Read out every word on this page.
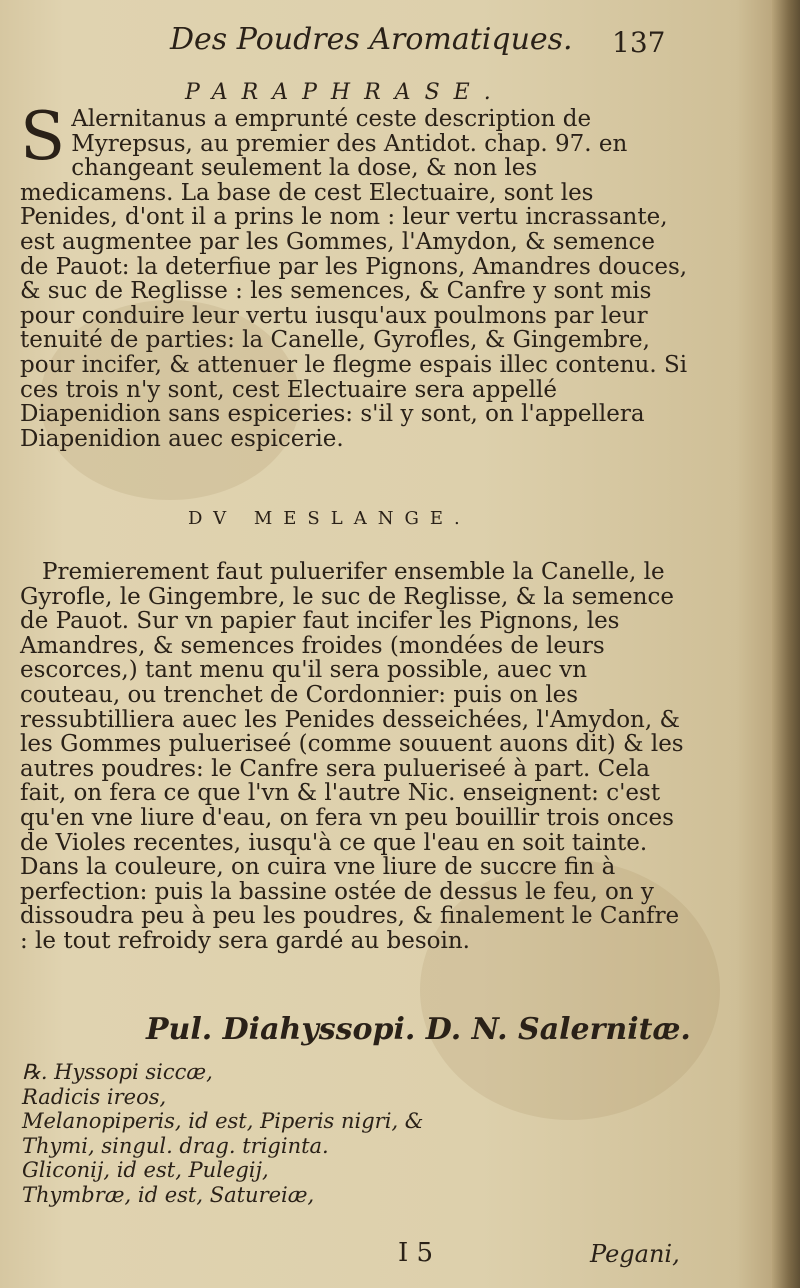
Des Poudres Aromatiques. 137
PARAPHRASE.
S Alernitanus a emprunté ceste description de Myrepsus, au premier des Antidot. chap. 97. en changeant seulement la dose, & non les medicamens. La base de cest Electuaire, sont les Penides, d'ont il a prins le nom : leur vertu incrassante, est augmentee par les Gommes, l'Amydon, & semence de Pauot: la deterfiue par les Pignons, Amandres douces, & suc de Reglisse : les semences, & Canfre y sont mis pour conduire leur vertu iusqu'aux poulmons par leur tenuité de parties: la Canelle, Gyrofles, & Gingembre, pour incifer, & attenuer le flegme espais illec contenu. Si ces trois n'y sont, cest Electuaire sera appellé Diapenidion sans espiceries: s'il y sont, on l'appellera Diapenidion auec espicerie.
DV MESLANGE.
Premierement faut puluerifer ensemble la Canelle, le Gyrofle, le Gingembre, le suc de Reglisse, & la semence de Pauot. Sur vn papier faut incifer les Pignons, les Amandres, & semences froides (mondées de leurs escorces,) tant menu qu'il sera possible, auec vn couteau, ou trenchet de Cordonnier: puis on les ressubtilliera auec les Penides desseichées, l'Amydon, & les Gommes pulueriseé (comme souuent auons dit) & les autres poudres: le Canfre sera pulueriseé à part. Cela fait, on fera ce que l'vn & l'autre Nic. enseignent: c'est qu'en vne liure d'eau, on fera vn peu bouillir trois onces de Violes recentes, iusqu'à ce que l'eau en soit tainte. Dans la couleure, on cuira vne liure de succre fin à perfection: puis la bassine ostée de dessus le feu, on y dissoudra peu à peu les poudres, & finalement le Canfre : le tout refroidy sera gardé au besoin.
Pul. Diahyssopi. D. N. Salernitæ.
℞. Hyssopi siccæ,
Radicis ireos,
Melanopiperis, id est, Piperis nigri, &
Thymi, singul. drag. triginta.
Gliconij, id est, Pulegij,
Thymbræ, id est, Satureiæ,
I 5	Pegani,
